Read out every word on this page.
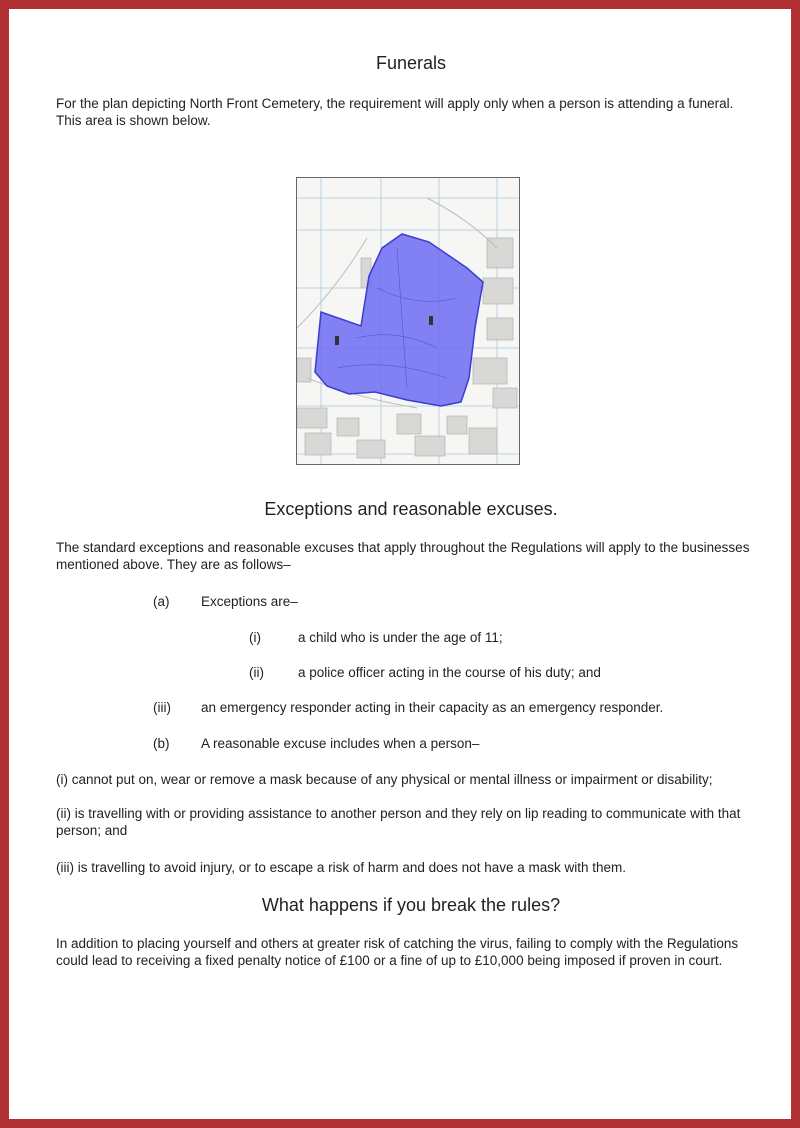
Funerals

For the plan depicting North Front Cemetery, the requirement will apply only when a person is attending a funeral. This area is shown below.

Exceptions and reasonable excuses.

The standard exceptions and reasonable excuses that apply throughout the Regulations will apply to the businesses mentioned above. They are as follows–

(a) Exceptions are–
(i)	a child who is under the age of 11;
(ii)	a police officer acting in the course of his duty; and
(iii) an emergency responder acting in their capacity as an emergency responder.
(b) A reasonable excuse includes when a person–

(i) cannot put on, wear or remove a mask because of any physical or mental illness or impairment or disability;

(ii) is travelling with or providing assistance to another person and they rely on lip reading to communicate with that person; and

(iii) is travelling to avoid injury, or to escape a risk of harm and does not have a mask with them.

What happens if you break the rules?

In addition to placing yourself and others at greater risk of catching the virus, failing to comply with the Regulations could lead to receiving a fixed penalty notice of £100 or a fine of up to £10,000 being imposed if proven in court.
